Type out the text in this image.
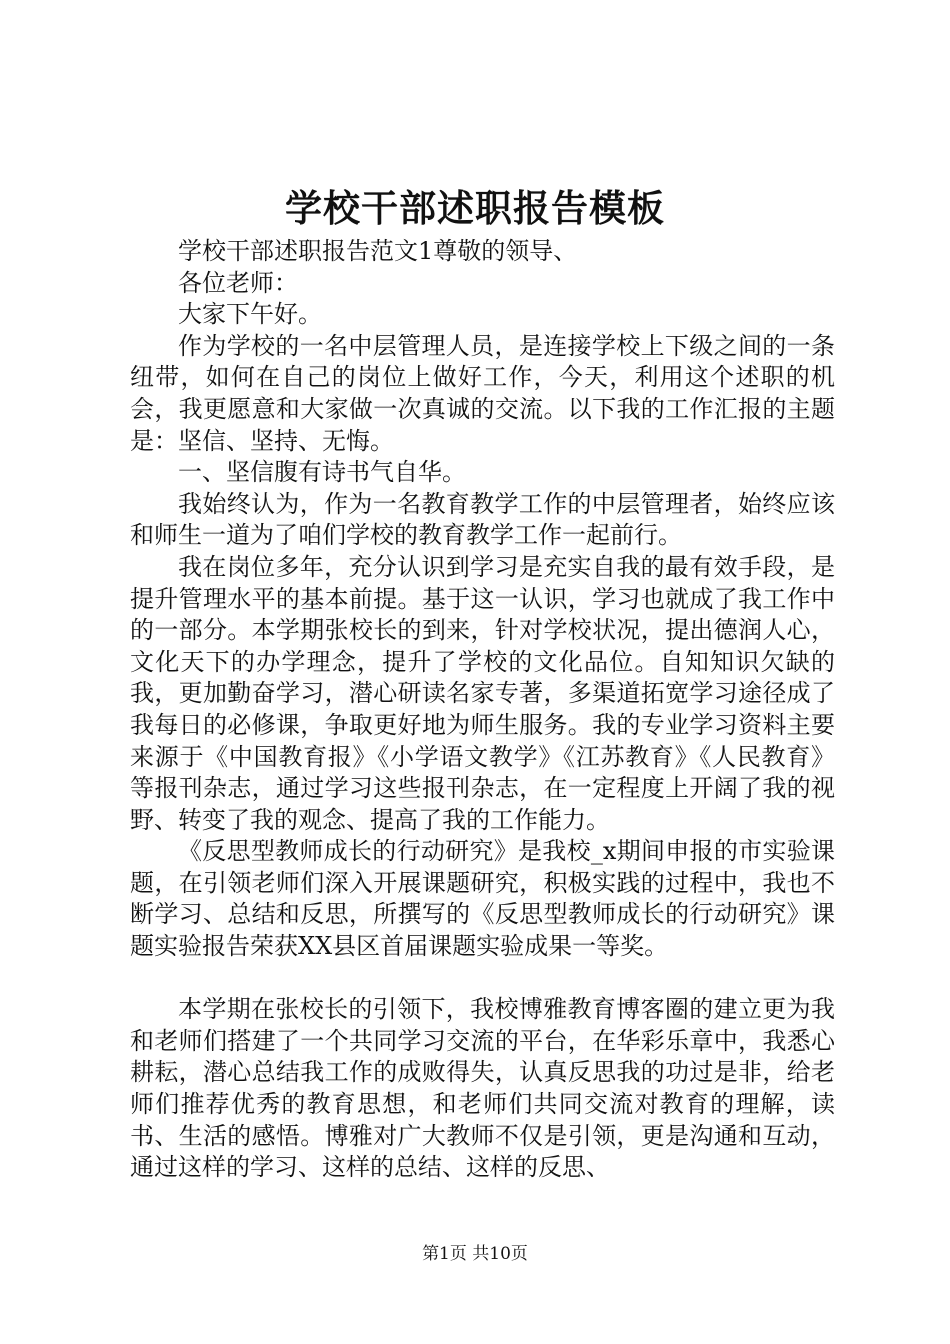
学校干部述职报告模板

学校干部述职报告范文1尊敬的领导、

各位老师：

大家下午好。

作为学校的一名中层管理人员，是连接学校上下级之间的一条纽带，如何在自己的岗位上做好工作，今天，利用这个述职的机会，我更愿意和大家做一次真诚的交流。以下我的工作汇报的主题是：坚信、坚持、无悔。

一、坚信腹有诗书气自华。

我始终认为，作为一名教育教学工作的中层管理者，始终应该和师生一道为了咱们学校的教育教学工作一起前行。

我在岗位多年，充分认识到学习是充实自我的最有效手段，是提升管理水平的基本前提。基于这一认识，学习也就成了我工作中的一部分。本学期张校长的到来，针对学校状况，提出德润人心，文化天下的办学理念，提升了学校的文化品位。自知知识欠缺的我，更加勤奋学习，潜心研读名家专著，多渠道拓宽学习途径成了我每日的必修课，争取更好地为师生服务。我的专业学习资料主要来源于《中国教育报》《小学语文教学》《江苏教育》《人民教育》等报刊杂志，通过学习这些报刊杂志，在一定程度上开阔了我的视野、转变了我的观念、提高了我的工作能力。

《反思型教师成长的行动研究》是我校_x期间申报的市实验课题，在引领老师们深入开展课题研究，积极实践的过程中，我也不断学习、总结和反思，所撰写的《反思型教师成长的行动研究》课题实验报告荣获XX县区首届课题实验成果一等奖。

本学期在张校长的引领下，我校博雅教育博客圈的建立更为我和老师们搭建了一个共同学习交流的平台，在华彩乐章中，我悉心耕耘，潜心总结我工作的成败得失，认真反思我的功过是非，给老师们推荐优秀的教育思想，和老师们共同交流对教育的理解，读书、生活的感悟。博雅对广大教师不仅是引领，更是沟通和互动，通过这样的学习、这样的总结、这样的反思、

第1页 共10页
